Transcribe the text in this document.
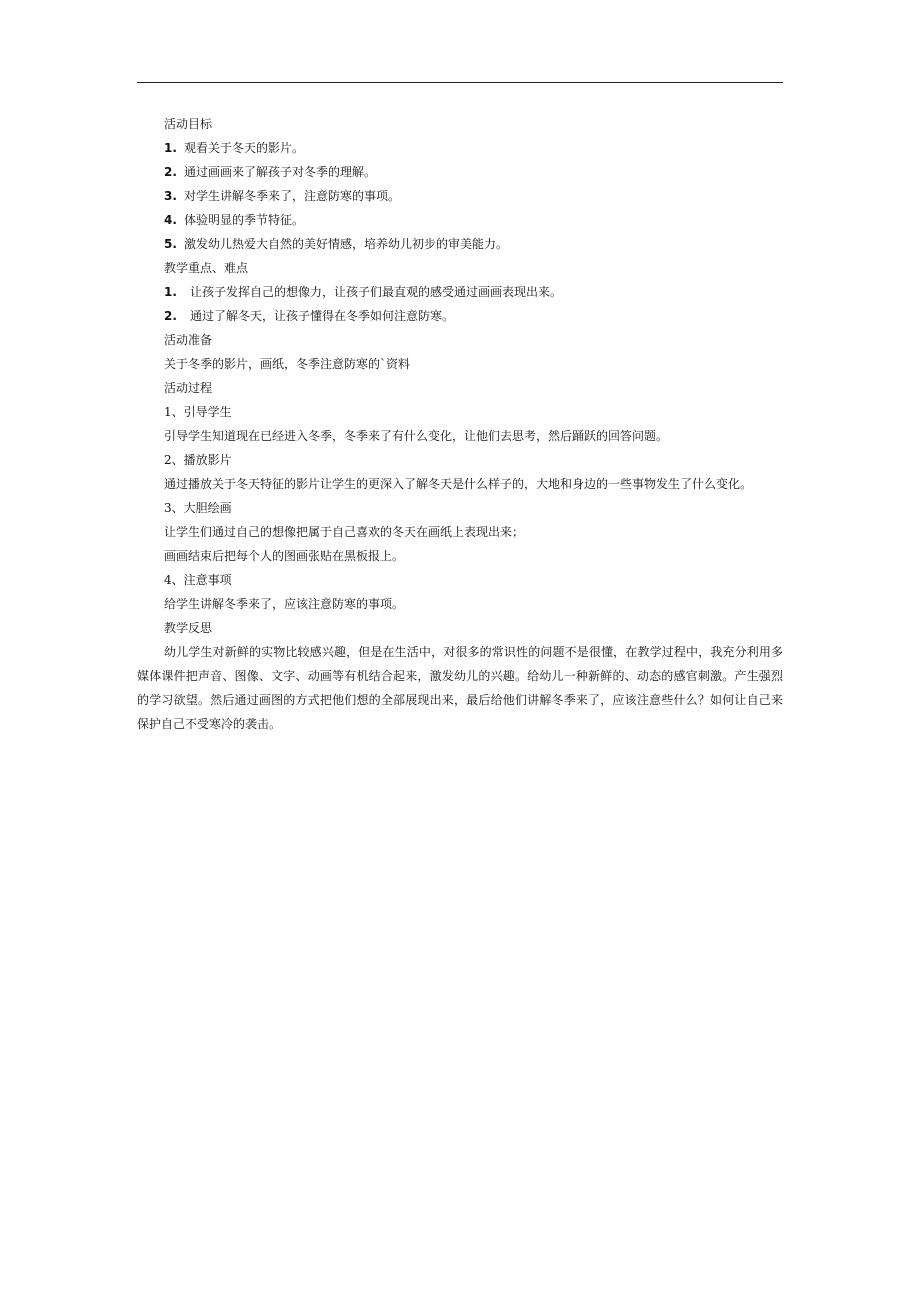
活动目标
1. 观看关于冬天的影片。
2. 通过画画来了解孩子对冬季的理解。
3. 对学生讲解冬季来了，注意防寒的事项。
4. 体验明显的季节特征。
5. 激发幼儿热爱大自然的美好情感，培养幼儿初步的审美能力。
教学重点、难点
1. 让孩子发挥自己的想像力，让孩子们最直观的感受通过画画表现出来。
2. 通过了解冬天，让孩子懂得在冬季如何注意防寒。
活动准备
关于冬季的影片，画纸，冬季注意防寒的`资料
活动过程
1、引导学生
引导学生知道现在已经进入冬季，冬季来了有什么变化，让他们去思考，然后踊跃的回答问题。
2、播放影片
通过播放关于冬天特征的影片让学生的更深入了解冬天是什么样子的，大地和身边的一些事物发生了什么变化。
3、大胆绘画
让学生们通过自己的想像把属于自己喜欢的冬天在画纸上表现出来；
画画结束后把每个人的图画张贴在黑板报上。
4、注意事项
给学生讲解冬季来了，应该注意防寒的事项。
教学反思
幼儿学生对新鲜的实物比较感兴趣，但是在生活中，对很多的常识性的问题不是很懂，在教学过程中，我充分利用多媒体课件把声音、图像、文字、动画等有机结合起来，激发幼儿的兴趣。给幼儿一种新鲜的、动态的感官刺激。产生强烈的学习欲望。然后通过画图的方式把他们想的全部展现出来，最后给他们讲解冬季来了，应该注意些什么？如何让自己来保护自己不受寒冷的袭击。
